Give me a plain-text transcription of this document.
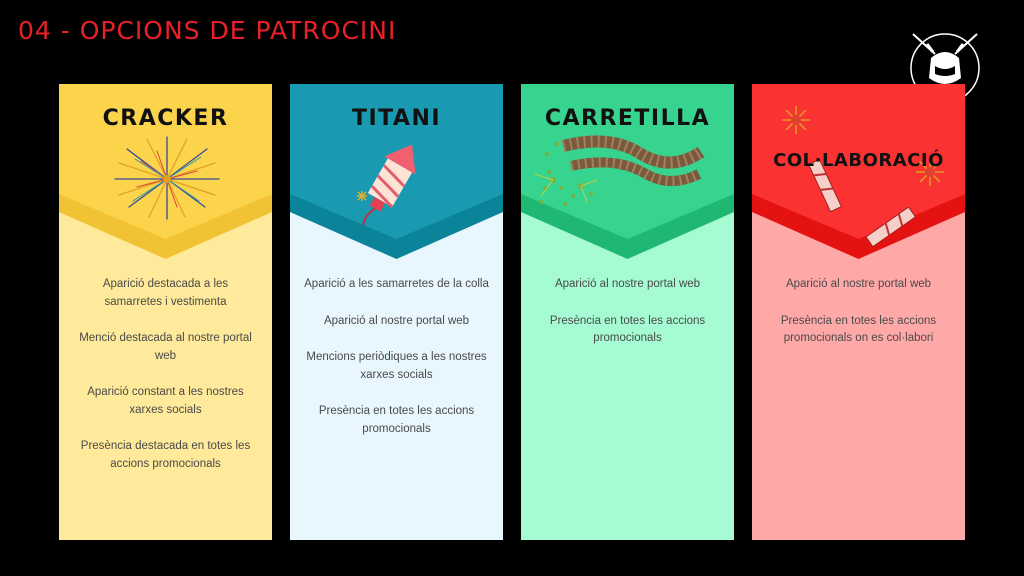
04 - OPCIONS DE PATROCINI
CRACKER
Aparició destacada a les samarretes i vestimenta
Menció destacada al nostre portal web
Aparició constant a les nostres xarxes socials
Presència destacada en totes les accions promocionals
TITANI
Aparició a les samarretes de la colla
Aparició al nostre portal web
Mencions periòdiques a les nostres xarxes socials
Presència en totes les accions promocionals
CARRETILLA
Aparició al nostre portal web
Presència en totes les accions promocionals
COL·LABORACIÓ
Aparició al nostre portal web
Presència en totes les accions promocionals on es col·labori
